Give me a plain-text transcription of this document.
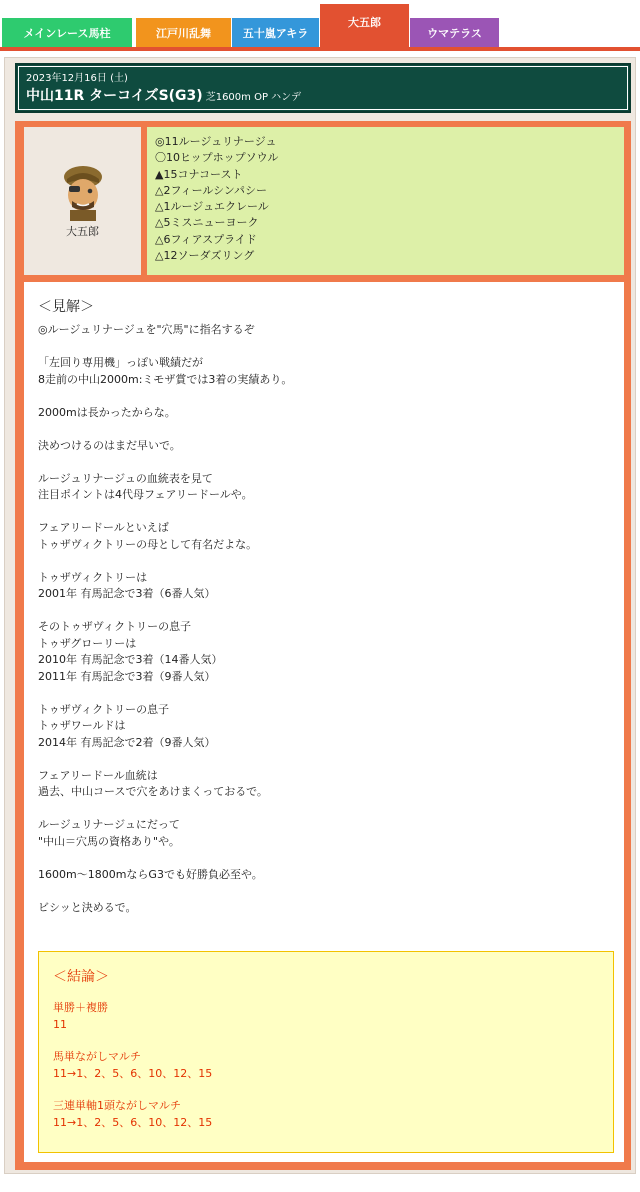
メインレース馬柱	江戸川乱舞	五十嵐アキラ
大五郎
ウマテラス
2023年12月16日 (土)
中山11R ターコイズS(G3) 芝1600m OP ハンデ
大五郎
◎11ルージュリナージュ
〇10ヒップホップソウル
▲15コナコースト
△2フィールシンパシー
△1ルージュエクレール
△5ミスニューヨーク
△6フィアスプライド
△12ソーダズリング
＜見解＞
◎ルージュリナージュを"穴馬"に指名するぞ
「左回り専用機」っぽい戦績だが
8走前の中山2000m:ミモザ賞では3着の実績あり。
2000mは長かったからな。
決めつけるのはまだ早いで。
ルージュリナージュの血統表を見て
注目ポイントは4代母フェアリードールや。
フェアリードールといえば
トゥザヴィクトリーの母として有名だよな。
トゥザヴィクトリーは
2001年 有馬記念で3着（6番人気）
そのトゥザヴィクトリーの息子
トゥザグローリーは
2010年 有馬記念で3着（14番人気）
2011年 有馬記念で3着（9番人気）
トゥザヴィクトリーの息子
トゥザワールドは
2014年 有馬記念で2着（9番人気）
フェアリードール血統は
過去、中山コースで穴をあけまくっておるで。
ルージュリナージュにだって
"中山＝穴馬の資格あり"や。
1600m～1800mならG3でも好勝負必至や。
ビシッと決めるで。
＜結論＞
単勝＋複勝
11
馬単ながしマルチ
11→1、2、5、6、10、12、15
三連単軸1頭ながしマルチ
11→1、2、5、6、10、12、15
